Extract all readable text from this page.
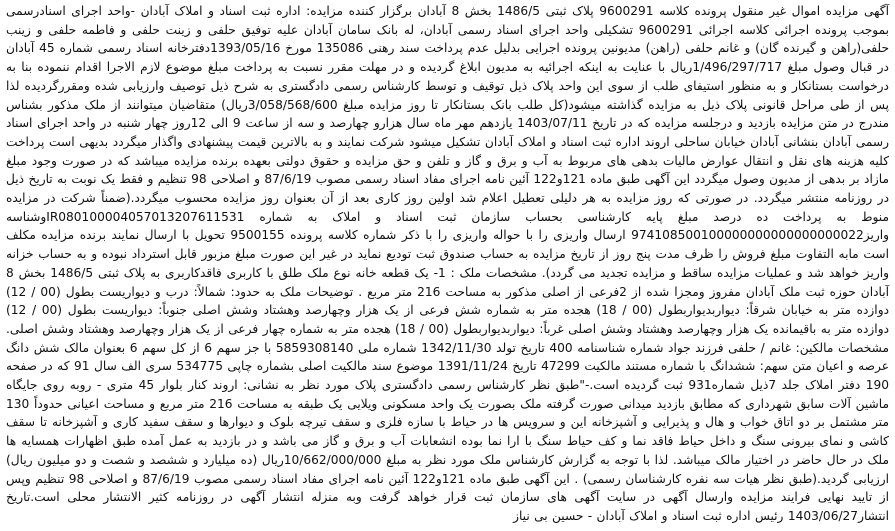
آگهی مزایده اموال غیر منقول پرونده کلاسه 9600291 پلاک ثبتی 1486/5 بخش 8 آبادان برگزار کننده مزایده: اداره ثبت اسناد و املاک آبادان -واحد اجرای اسنادرسمی بموجب پرونده اجرائی کلاسه اجرائی 9600291 تشکیلی واحد اجرای اسناد رسمی آبادان، له بانک سامان آبادان علیه توفیق حلفی و زینت حلفی و فاطمه حلفی و زینب حلفی(راهن و گیرنده گان) و غانم حلفی (راهن) مدیونین پرونده اجرایی بدلیل عدم پرداخت سند رهنی 135086 مورخ 1393/05/16دفترخانه اسناد رسمی شماره 45 آبادان در قبال وصول مبلغ 1/496/297/717ریال با عنایت به اینکه اجرائیه به مدیون ابلاغ گردیده و در مهلت مقرر نسبت به پرداخت مبلغ موضوع لازم الاجرا اقدام ننموده بنا به درخواست بستانکار و به منظور استیفای طلب از سوی این واحد پلاک ذیل توقیف و توسط کارشناس رسمی دادگستری به شرح ذیل توصیف وارزیابی شده ومقررگردیده لذا پس از طی مراحل قانونی پلاک ذیل به مزایده گذاشته میشود(کل طلب بانک بستانکار تا روز مزایده مبلغ 3/058/568/600ریال) متقاضیان میتوانند از ملک مذکور بشناس مندرج در متن مزایده بازدید و درجلسه مزایده که در تاریخ 1403/07/11 یازدهم مهر ماه سال هزارو چهارصد و سه از ساعت 9 الی 12روز چهار شنبه در واحد اجرای اسناد رسمی آبادان بنشانی آبادان خیابان ساحلی اروند اداره ثبت اسناد و املاک آبادان تشکیل میشود شرکت نمایند و به بالاترین قیمت پیشنهادی واگذار میگردد بدیهی است پرداخت کلیه هزینه های نقل و انتقال عوارض مالیات بدهی های مربوط به آب و برق و گاز و تلفن و حق مزایده و حقوق دولتی بعهده برنده مزایده میباشد که در صورت وجود مبلغ مازاد بر بدهی از مدیون وصول میگردد این آگهی طبق ماده 121و122 آئین نامه اجرای مفاد اسناد رسمی مصوب 87/6/19 و اصلاحی 98 تنظیم و فقط یک نوبت به تاریخ ذیل در روزنامه منتشر میگردد. در صورتی که روز مزایده به هر دلیلی تعطیل اعلام شد اولین روز کاری بعد از آن بعنوان روز مزایده محسوب میگردد.(ضمناً شرکت در مزایده منوط به پرداخت ده درصد مبلغ پایه کارشناسی بحساب سازمان ثبت اسناد و املاک به شماره IR080100004057013207611531وشناسه واریز974108500100000000000000000022 ارسال واریزی را با حواله واریزی را با ذکر شماره کلاسه پرونده 9500155 تحویل با ارسال نمایند برنده مزایده مکلف است مابه التفاوت مبلغ فروش را ظرف مدت پنج روز از تاریخ مزایده به حساب صندوق ثبت تودیع نماید در غیر این صورت مبلغ مزبور قابل استرداد نبوده و به حساب خزانه واریز خواهد شد و عملیات مزایده ساقط و مزایده تجدید می گردد). مشخصات ملک : 1- یک قطعه خانه نوع ملک طلق با کاربری فاقدکاربری به پلاک ثبتی 1486/5 بخش 8 آبادان حوزه ثبت ملک آبادان مفروز ومجزا شده از 2فرعی از اصلی مذکور به مساحت 216 متر مربع . توضیحات ملک به حدود: شمالاً: درب و دیواریست بطول (00 / 12) دوازده متر به خیابان شرقاً: دیواربدیواربطول (00 / 18) هجده متر به شماره شش فرعی از یک هزار وچهارصد وهشتاد وشش اصلی جنوباً: دیواریست بطول (00 / 12) دوازده متر به باقیمانده یک هزار وچهارصد وهشتاد وشش اصلی غرباً: دیواربدیواربطول (00 / 18) هجده متر به شماره چهار فرعی از یک هزار وچهارصد وهشتاد وشش اصلی. مشخصات مالکین: غانم / حلفی فرزند جواد شماره شناسنامه 400 تاریخ تولد 1342/11/30 شماره ملی 5859308140 با جز سهم 6 از کل سهم 6 بعنوان مالک شش دانگ عرصه و اعیان متن سهم: ششدانگ با شماره مستند مالکیت 47299 تاریخ 1391/11/24 موضوع سند مالکیت اصلی بشماره چاپی 534775 سری الف سال 91 که در صفحه 190 دفتر املاک جلد 7ذیل شماره931 ثبت گردیده است.-"طبق نظر کارشناس رسمی دادگستری پلاک مورد نظر به نشانی: اروند کنار بلوار 45 متری - روبه روی جایگاه ماشین آلات سابق شهرداری که مطابق بازدید میدانی صورت گرفته ملک بصورت یک واحد مسکونی ویلایی یک طبقه به مساحت 216 متر مربع و مساحت اعیانی حدوداً 130 متر مشتمل بر دو اتاق خواب و هال و پذیرایی و آشپزخانه این و سرویس ها در حیاط با سازه فلزی و سقف تیرچه بلوک و دیوارها و سقف سفید کاری و آشپزخانه تا سقف کاشی و نمای بیرونی سنگ و داخل حیاط فاقد نما و کف حیاط سنگ با ارا نما بوده انشعابات آب و برق و گاز می باشد و در بازدید به عمل آمده طبق اظهارات همسایه ها ملک در حال حاضر در اختیار مالک میباشد. لذا با توجه به گزارش کارشناس ملک مورد نظر به مبلغ 10/662/000/000ریال (ده میلیارد و ششصد و شصت و دو میلیون ریال) ارزیابی گردید.(طبق نظر هیات سه نفره کارشناسان رسمی) . این آگهی طبق ماده 121و122 آئین نامه اجرای مفاد اسناد رسمی مصوب 87/6/19 و اصلاحی 98 تنظیم وپس از تایید نهایی فرایند مزایده وارسال آگهی در سایت آگهی های سازمان ثبت قرار خواهد گرفت وبه منزله انتشار آگهی در روزنامه کثیر الانتشار محلی است.تاریخ انتشار1403/06/27 رئیس اداره ثبت اسناد و املاک آبادان - حسین بی نیاز
